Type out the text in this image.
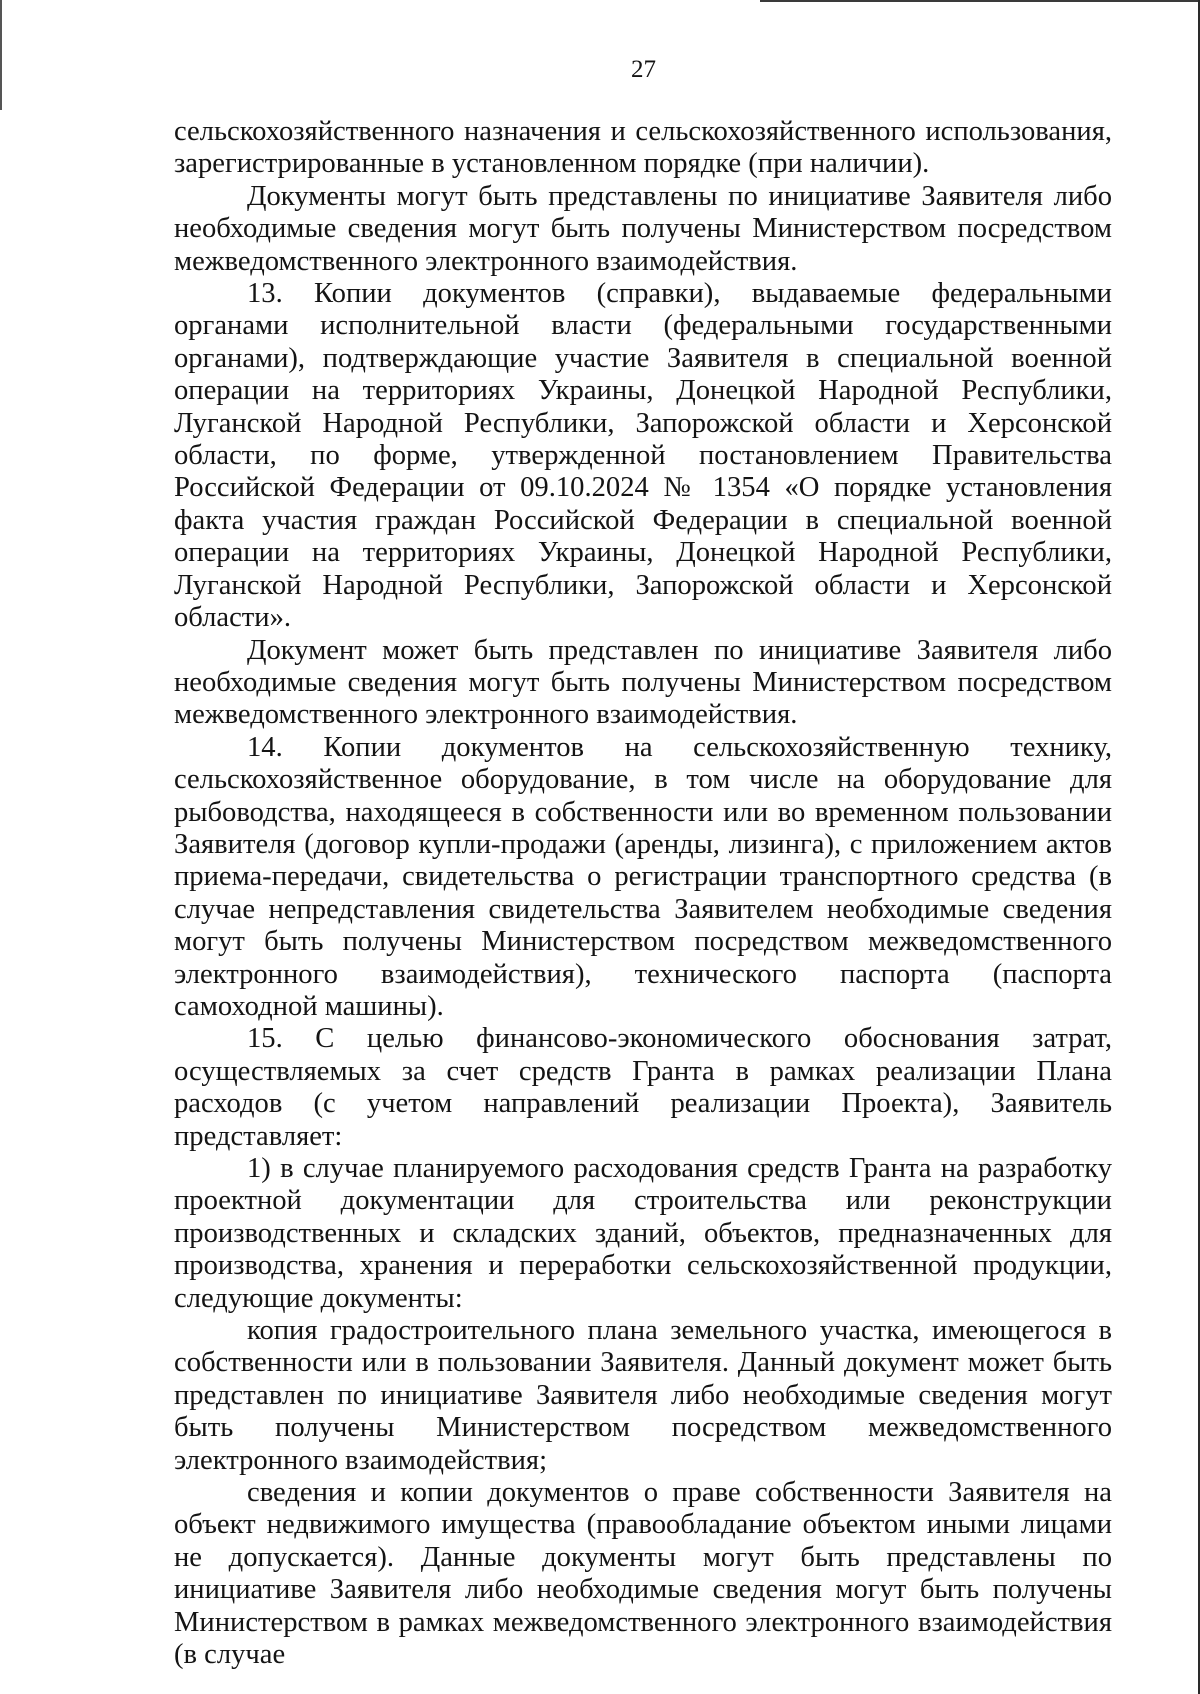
27

сельскохозяйственного назначения и сельскохозяйственного использования, зарегистрированные в установленном порядке (при наличии).

Документы могут быть представлены по инициативе Заявителя либо необходимые сведения могут быть получены Министерством посредством межведомственного электронного взаимодействия.

13. Копии документов (справки), выдаваемые федеральными органами исполнительной власти (федеральными государственными органами), подтверждающие участие Заявителя в специальной военной операции на территориях Украины, Донецкой Народной Республики, Луганской Народной Республики, Запорожской области и Херсонской области, по форме, утвержденной постановлением Правительства Российской Федерации от 09.10.2024 № 1354 «О порядке установления факта участия граждан Российской Федерации в специальной военной операции на территориях Украины, Донецкой Народной Республики, Луганской Народной Республики, Запорожской области и Херсонской области».

Документ может быть представлен по инициативе Заявителя либо необходимые сведения могут быть получены Министерством посредством межведомственного электронного взаимодействия.

14. Копии документов на сельскохозяйственную технику, сельскохозяйственное оборудование, в том числе на оборудование для рыбоводства, находящееся в собственности или во временном пользовании Заявителя (договор купли-продажи (аренды, лизинга), с приложением актов приема-передачи, свидетельства о регистрации транспортного средства (в случае непредставления свидетельства Заявителем необходимые сведения могут быть получены Министерством посредством межведомственного электронного взаимодействия), технического паспорта (паспорта самоходной машины).

15. С целью финансово-экономического обоснования затрат, осуществляемых за счет средств Гранта в рамках реализации Плана расходов (с учетом направлений реализации Проекта), Заявитель представляет:

1) в случае планируемого расходования средств Гранта на разработку проектной документации для строительства или реконструкции производственных и складских зданий, объектов, предназначенных для производства, хранения и переработки сельскохозяйственной продукции, следующие документы:

копия градостроительного плана земельного участка, имеющегося в собственности или в пользовании Заявителя. Данный документ может быть представлен по инициативе Заявителя либо необходимые сведения могут быть получены Министерством посредством межведомственного электронного взаимодействия;

сведения и копии документов о праве собственности Заявителя на объект недвижимого имущества (правообладание объектом иными лицами не допускается). Данные документы могут быть представлены по инициативе Заявителя либо необходимые сведения могут быть получены Министерством в рамках межведомственного электронного взаимодействия (в случае
